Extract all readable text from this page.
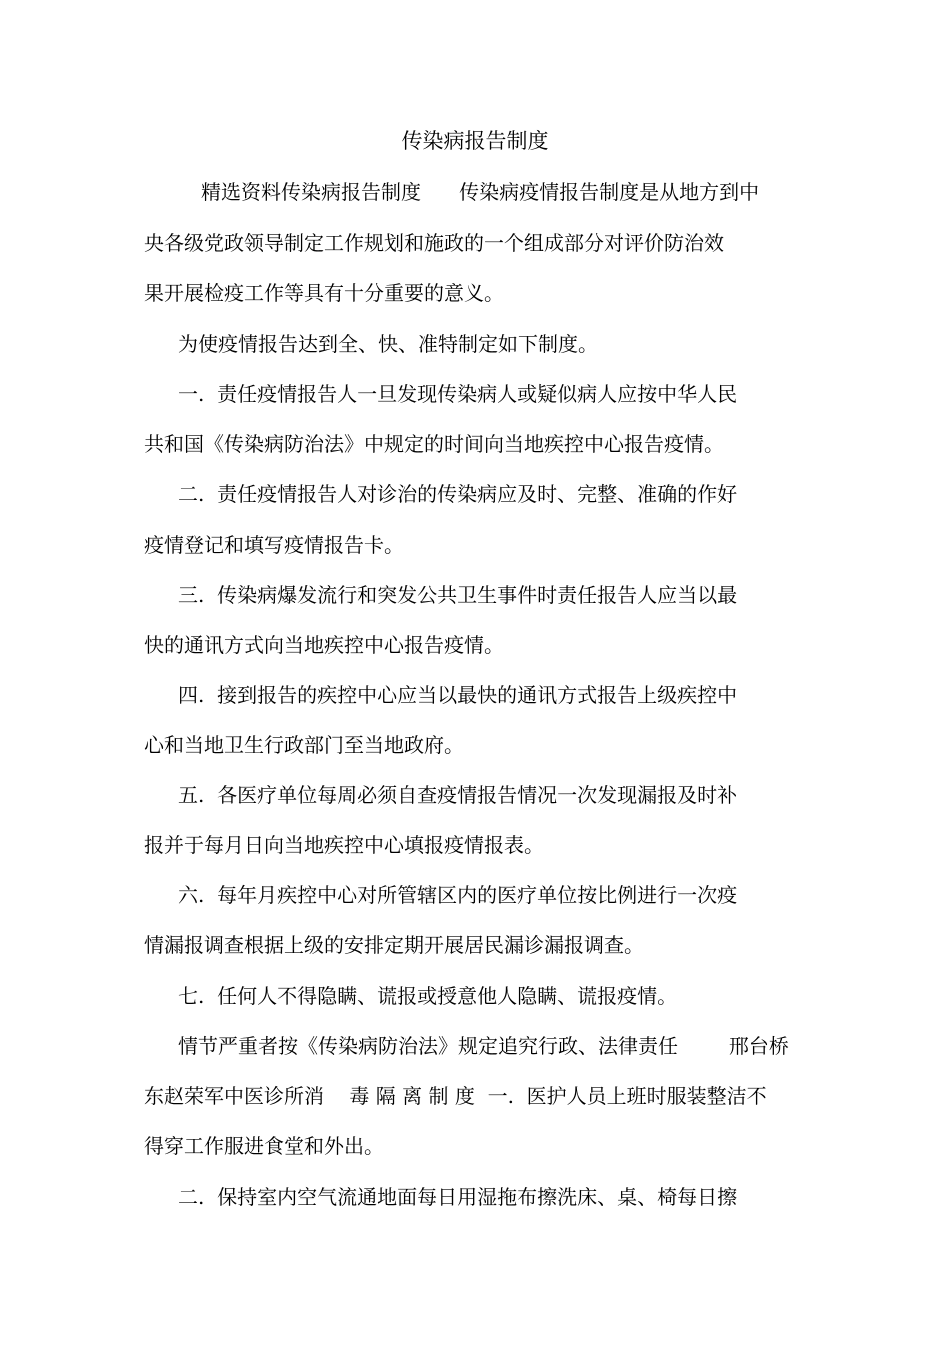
传染病报告制度
精选资料传染病报告制度      传染病疫情报告制度是从地方到中
央各级党政领导制定工作规划和施政的一个组成部分对评价防治效
果开展检疫工作等具有十分重要的意义。
为使疫情报告达到全、快、准特制定如下制度。
一.  责任疫情报告人一旦发现传染病人或疑似病人应按中华人民
共和国《传染病防治法》中规定的时间向当地疾控中心报告疫情。
二.  责任疫情报告人对诊治的传染病应及时、完整、准确的作好
疫情登记和填写疫情报告卡。
三.  传染病爆发流行和突发公共卫生事件时责任报告人应当以最
快的通讯方式向当地疾控中心报告疫情。
四.  接到报告的疾控中心应当以最快的通讯方式报告上级疾控中
心和当地卫生行政部门至当地政府。
五.  各医疗单位每周必须自查疫情报告情况一次发现漏报及时补
报并于每月日向当地疾控中心填报疫情报表。
六.  每年月疾控中心对所管辖区内的医疗单位按比例进行一次疫
情漏报调查根据上级的安排定期开展居民漏诊漏报调查。
七.  任何人不得隐瞒、谎报或授意他人隐瞒、谎报疫情。
情节严重者按《传染病防治法》规定追究行政、法律责任        邢台桥
东赵荣军中医诊所消    毒 隔 离 制 度  一.  医护人员上班时服装整洁不
得穿工作服进食堂和外出。
二.  保持室内空气流通地面每日用湿拖布擦洗床、桌、椅每日擦
